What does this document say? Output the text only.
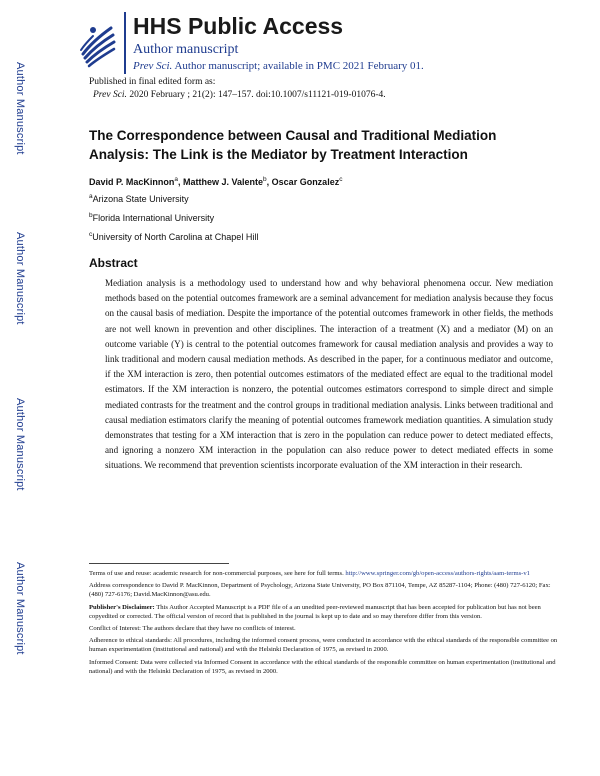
Author Manuscript
Author Manuscript
Author Manuscript
Author Manuscript
HHS Public Access
Author manuscript
Prev Sci. Author manuscript; available in PMC 2021 February 01.
Published in final edited form as:
Prev Sci. 2020 February ; 21(2): 147–157. doi:10.1007/s11121-019-01076-4.
The Correspondence between Causal and Traditional Mediation Analysis: The Link is the Mediator by Treatment Interaction
David P. MacKinnon$^a$, Matthew J. Valente$^b$, Oscar Gonzalez$^c$
$^a$Arizona State University
$^b$Florida International University
$^c$University of North Carolina at Chapel Hill
Abstract
Mediation analysis is a methodology used to understand how and why behavioral phenomena occur. New mediation methods based on the potential outcomes framework are a seminal advancement for mediation analysis because they focus on the causal basis of mediation. Despite the importance of the potential outcomes framework in other fields, the methods are not well known in prevention and other disciplines. The interaction of a treatment (X) and a mediator (M) on an outcome variable (Y) is central to the potential outcomes framework for causal mediation analysis and provides a way to link traditional and modern causal mediation methods. As described in the paper, for a continuous mediator and outcome, if the XM interaction is zero, then potential outcomes estimators of the mediated effect are equal to the traditional model estimators. If the XM interaction is nonzero, the potential outcomes estimators correspond to simple direct and simple mediated contrasts for the treatment and the control groups in traditional mediation analysis. Links between traditional and causal mediation estimators clarify the meaning of potential outcomes framework mediation quantities. A simulation study demonstrates that testing for a XM interaction that is zero in the population can reduce power to detect mediated effects, and ignoring a nonzero XM interaction in the population can also reduce power to detect mediated effects in some situations. We recommend that prevention scientists incorporate evaluation of the XM interaction in their research.

Terms of use and reuse: academic research for non-commercial purposes, see here for full terms. http://www.springer.com/gb/open-access/authors-rights/aam-terms-v1

Address correspondence to David P. MacKinnon, Department of Psychology, Arizona State University, PO Box 871104, Tempe, AZ 85287-1104; Phone: (480) 727-6120; Fax: (480) 727-6176; David.MacKinnon@asu.edu.

Publisher's Disclaimer: This Author Accepted Manuscript is a PDF file of a an unedited peer-reviewed manuscript that has been accepted for publication but has not been copyedited or corrected. The official version of record that is published in the journal is kept up to date and so may therefore differ from this version.

Conflict of Interest: The authors declare that they have no conflicts of interest.

Adherence to ethical standards: All procedures, including the informed consent process, were conducted in accordance with the ethical standards of the responsible committee on human experimentation (institutional and national) and with the Helsinki Declaration of 1975, as revised in 2000.

Informed Consent: Data were collected via Informed Consent in accordance with the ethical standards of the responsible committee on human experimentation (institutional and national) and with the Helsinki Declaration of 1975, as revised in 2000.
